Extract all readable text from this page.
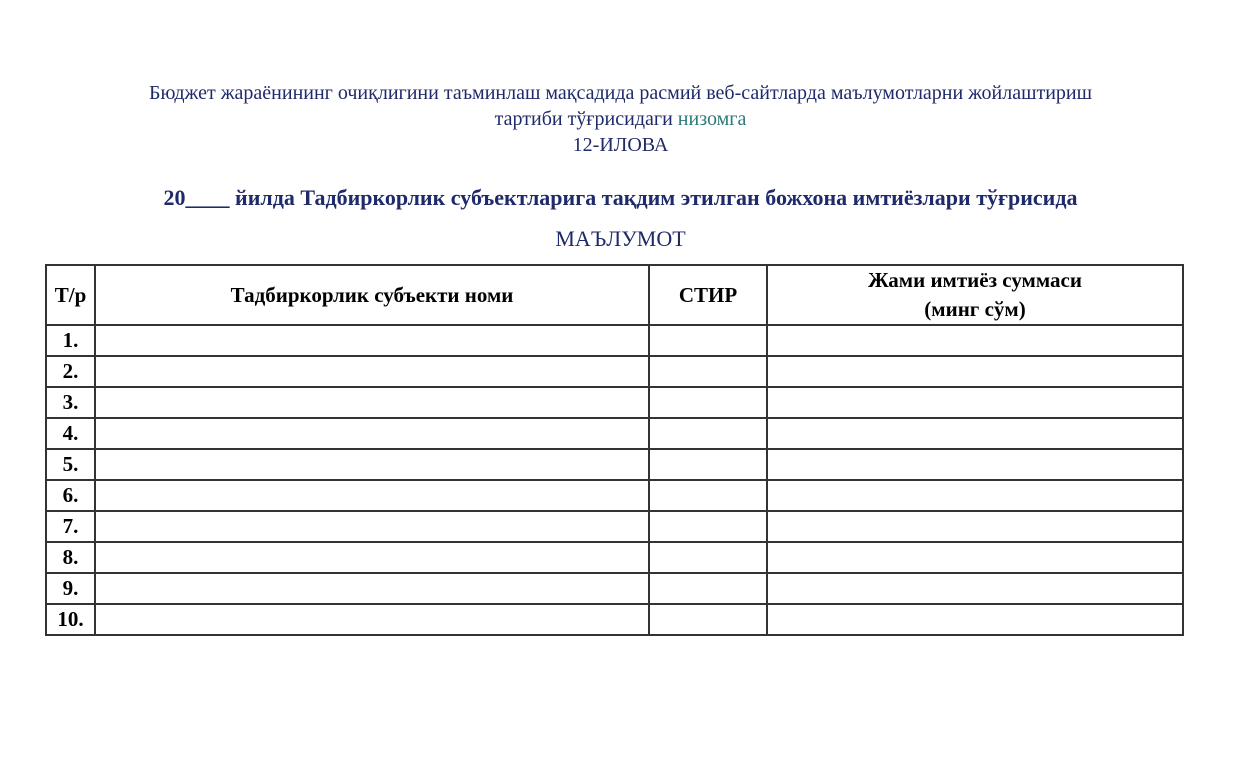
Бюджет жараёнининг очиқлигини таъминлаш мақсадида расмий веб-сайтларда маълумотларни жойлаштириш
тартиби тўғрисидаги низомга
12-ИЛОВА
20____ йилда Тадбиркорлик субъектларига тақдим этилган божхона имтиёзлари тўғрисида
МАЪЛУМОТ
Т/р	Тадбиркорлик субъекти номи	СТИР	Жами имтиёз суммаси
(минг сўм)

1.			
2.			
3.			
4.			
5.			
6.			
7.			
8.			
9.			
10.			
